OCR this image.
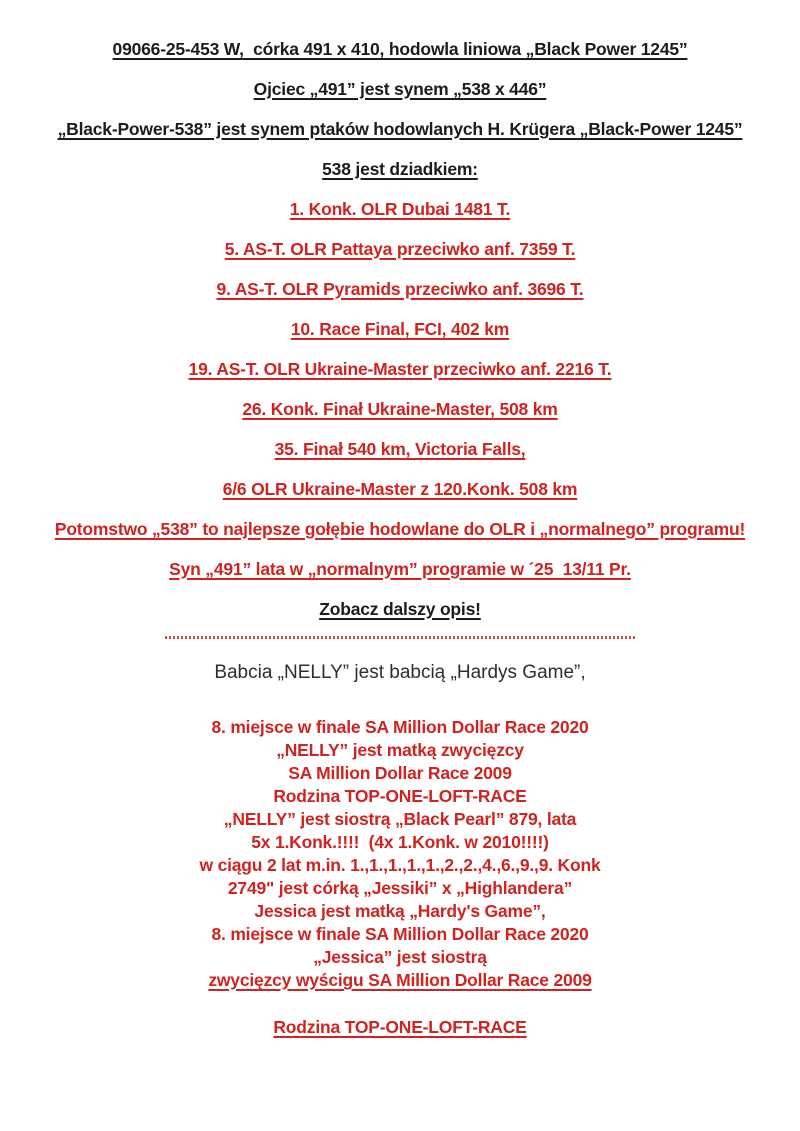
09066-25-453 W,  córka 491 x 410, hodowla liniowa „Black Power 1245”
Ojciec „491” jest synem „538 x 446”
„Black-Power-538” jest synem ptaków hodowlanych H. Krügera „Black-Power 1245”
538 jest dziadkiem:
1. Konk. OLR Dubai 1481 T.
5. AS-T. OLR Pattaya przeciwko anf. 7359 T.
9. AS-T. OLR Pyramids przeciwko anf. 3696 T.
10. Race Final, FCI, 402 km
19. AS-T. OLR Ukraine-Master przeciwko anf. 2216 T.
26. Konk. Finał Ukraine-Master, 508 km
35. Finał 540 km, Victoria Falls,
6/6 OLR Ukraine-Master z 120.Konk. 508 km
Potomstwo „538” to najlepsze gołębie hodowlane do OLR i „normalnego” programu!
Syn „491” lata w „normalnym” programie w ´25  13/11 Pr.
Zobacz dalszy opis!
Babcia „NELLY” jest babcią „Hardys Game”,
8. miejsce w finale SA Million Dollar Race 2020
„NELLY” jest matką zwycięzcy
SA Million Dollar Race 2009
Rodzina TOP-ONE-LOFT-RACE
„NELLY” jest siostrą „Black Pearl” 879, lata
5x 1.Konk.!!!!  (4x 1.Konk. w 2010!!!!)
w ciągu 2 lat m.in. 1.,1.,1.,1.,1.,2.,2.,4.,6.,9.,9. Konk
2749" jest córką „Jessiki” x „Highlandera”
Jessica jest matką „Hardy's Game”,
8. miejsce w finale SA Million Dollar Race 2020
„Jessica” jest siostrą
zwycięzcy wyścigu SA Million Dollar Race 2009
Rodzina TOP-ONE-LOFT-RACE
